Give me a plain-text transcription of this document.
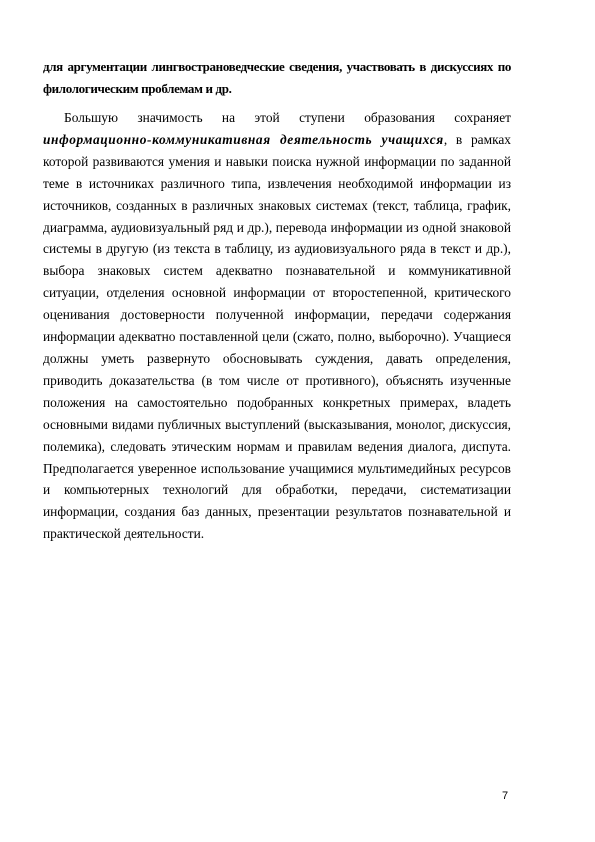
для аргументации лингвострановедческие сведения, участвовать в дискуссиях по филологическим проблемам и др.

Большую значимость на этой ступени образования сохраняет информационно-коммуникативная деятельность учащихся, в рамках которой развиваются умения и навыки поиска нужной информации по заданной теме в источниках различного типа, извлечения необходимой информации из источников, созданных в различных знаковых системах (текст, таблица, график, диаграмма, аудиовизуальный ряд и др.), перевода информации из одной знаковой системы в другую (из текста в таблицу, из аудиовизуального ряда в текст и др.), выбора знаковых систем адекватно познавательной и коммуникативной ситуации, отделения основной информации от второстепенной, критического оценивания достоверности полученной информации, передачи содержания информации адекватно поставленной цели (сжато, полно, выборочно). Учащиеся должны уметь развернуто обосновывать суждения, давать определения, приводить доказательства (в том числе от противного), объяснять изученные положения на самостоятельно подобранных конкретных примерах, владеть основными видами публичных выступлений (высказывания, монолог, дискуссия, полемика), следовать этическим нормам и правилам ведения диалога, диспута. Предполагается уверенное использование учащимися мультимедийных ресурсов и компьютерных технологий для обработки, передачи, систематизации информации, создания баз данных, презентации результатов познавательной и практической деятельности.

7
